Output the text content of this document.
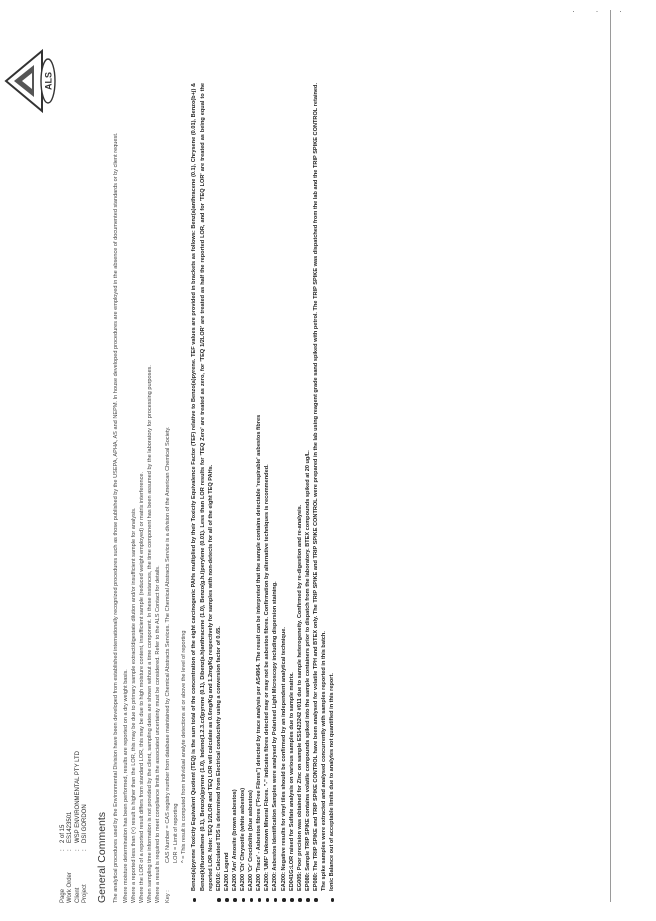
· · ·
ALS
Page	:	2 of 15
Work Order	:	ES1423501
Client	:	WSP ENVIRONMENTAL PTY LTD
Project	:	DSI GORDON General Comments The analytical procedures used by the Environmental Division have been developed from established internationally recognized procedures such as those published by the USEPA, APHA, AS and NEPM. In house developed procedures are employed in the absence of documented standards or by client request. Where moisture determination has been performed, results are reported on a dry weight basis. Where a reported less than (<) result is higher than the LOR, this may be due to primary sample extract/digestate dilution and/or insufficient sample for analysis. Where the LOR of a reported result differs from standard LOR, this may be due to high moisture content, insufficient sample (reduced weight employed) or matrix interference. When sampling time information is not provided by the client, sampling dates are shown without a time component. In these instances, the time component has been assumed by the laboratory for processing purposes. Where a result is required to meet compliance limits the associated uncertainty must be considered. Refer to the ALS Contact for details. Key :
CAS Number = CAS registry number from database maintained by Chemical Abstracts Services. The Chemical Abstracts Service is a division of the American Chemical Society. LOR = Limit of reporting ^ = This result is computed from individual analyte detections at or above the level of reporting Benzo(a)pyrene Toxicity Equivalent Quotient (TEQ) is the sum total of the concentration of the eight carcinogenic PAHs multiplied by their Toxicity Equivalence Factor (TEF) relative to Benzo(a)pyrene. TEF values are provided in brackets as follows: Benz(a)anthracene (0.1), Chrysene (0.01), Benzo(b+j) & Benzo(k)fluoranthene (0.1), Benzo(a)pyrene (1.0), Indeno(1.2.3.cd)pyrene (0.1), Dibenz(a.h)anthracene (1.0), Benzo(g.h.i)perylene (0.01). Less than LOR results for 'TEQ Zero' are treated as zero, for 'TEQ 1/2LOR' are treated as half the reported LOR, and for 'TEQ LOR' are treated as being equal to the reported LOR. Note: TEQ 1/2LOR and TEQ LOR will calculate as 0.6mg/Kg and 1.2mg/Kg respectively for samples with non-detects for all of the eight TEQ PAHs. ED016: Calculated TDS is determined from Electrical conductivity using a conversion factor of 0.65. EA200 Legend EA200 'Am' Amosite (brown asbestos) EA200 'Ch' Chrysotile (white asbestos) EA200 'Cr' Crocidolite (blue asbestos) EA200 'Trace' - Asbestos fibres ("Free Fibres") detected by trace analysis per AS4964. The result can be interpreted that the sample contains detectable 'respirable' asbestos fibres EA200: 'UMF' Unknown Mineral Fibres. "-" indicates fibres detected may or may not be asbestos fibres. Confirmation by alternative techniques is recommended. EA200: Asbestos Identification Samples were analysed by Polarised Light Microscopy including dispersion staining. EA200: Negative results for vinyl tiles should be confirmed by an independent analytical technique. ED041G:LOR raised for Sulfate analysis on various samples due to sample matrix. EG005: Poor precision was obtained for Zinc on sample ES1423242 #011 due to sample heterogeneity. Confirmed by re-digestion and re-analysis. EP080: Sample TRIP SPIKE contains volatile compounds spiked into the sample containers prior to dispatch from the laboratory. BTEX compounds spiked at 20 ug/L. EP080: The TRIP SPIKE and TRIP SPIKE CONTROL have been analysed for volatile TPH and BTEX only. The TRIP SPIKE and TRIP SPIKE CONTROL were prepared in the lab using reagent grade sand spiked with petrol. The TRIP SPIKE was dispatched from the lab and the TRIP SPIKE CONTROL retained. The spike samples were extracted and analysed concurrently with samples reported in this batch. Ionic Balance out of acceptable limits due to analytes not quantified in this report.
